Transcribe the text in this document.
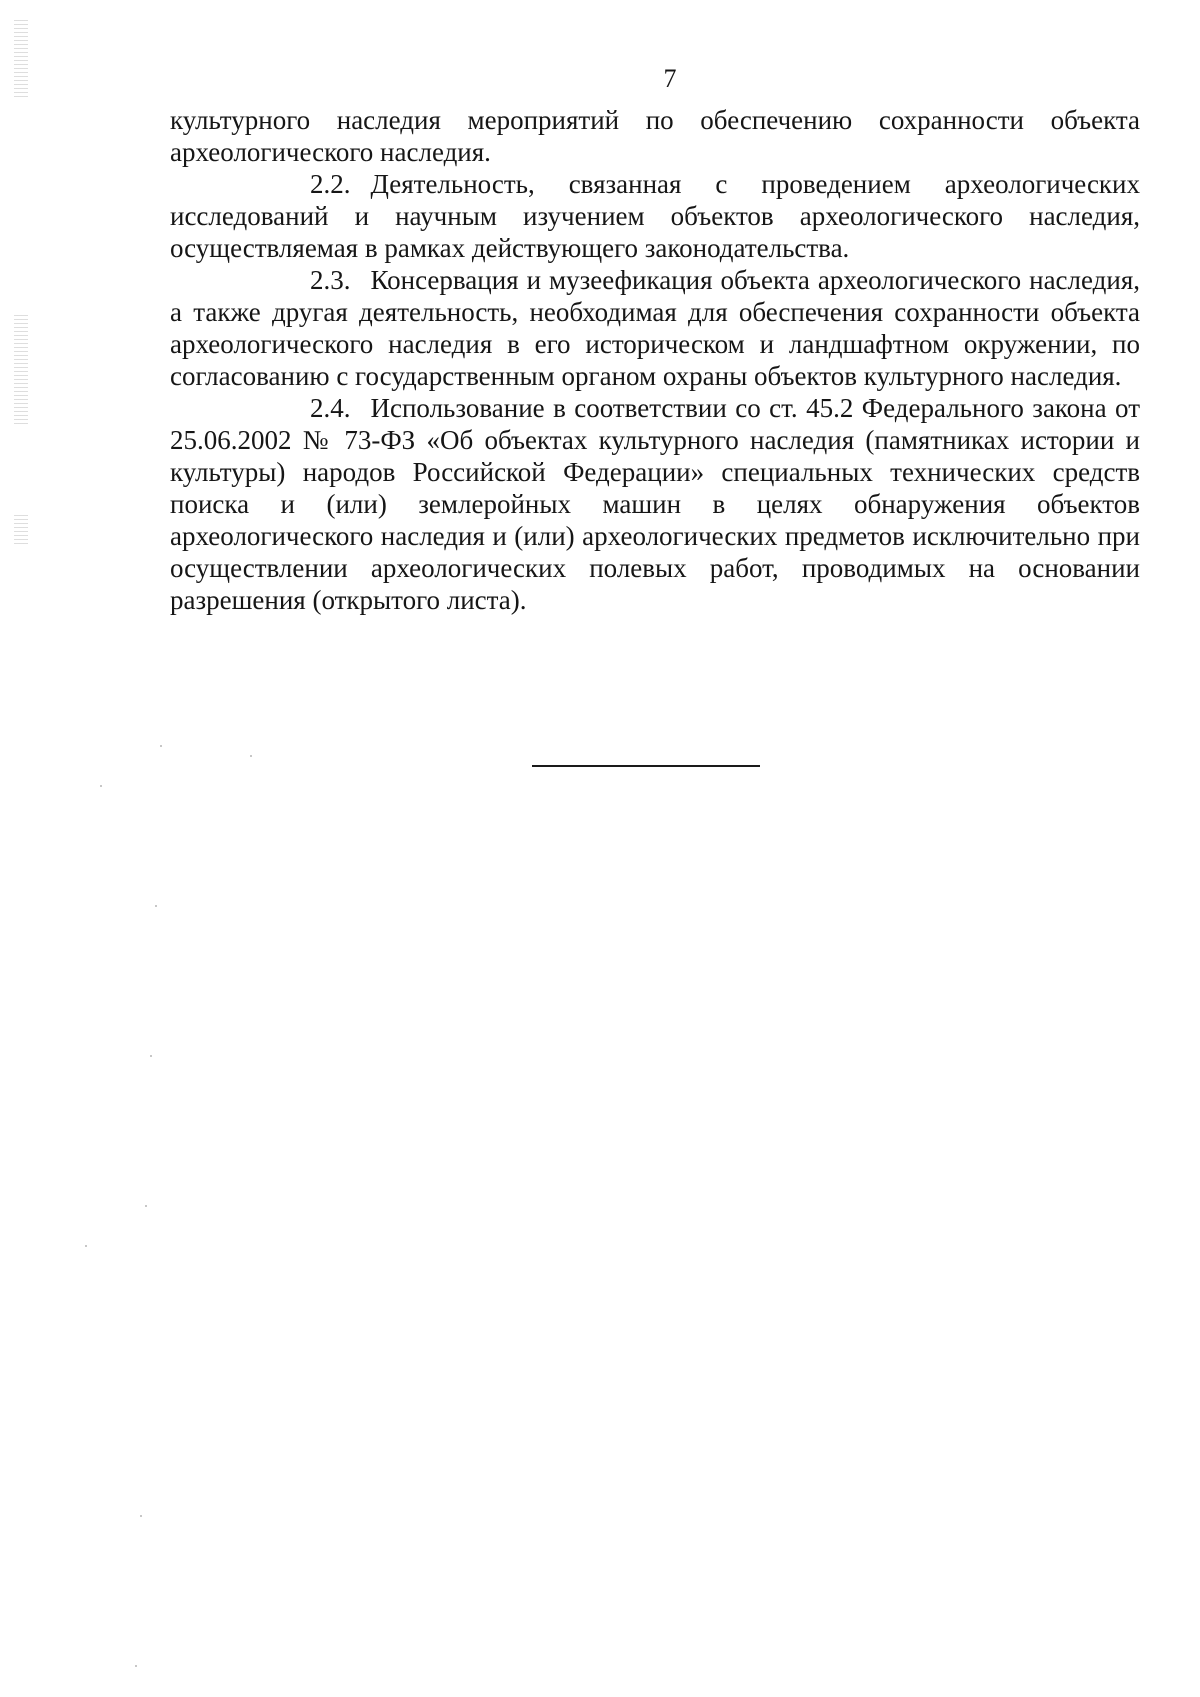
7

культурного наследия мероприятий по обеспечению сохранности объекта археологического наследия.

2.2. Деятельность, связанная с проведением археологических исследований и научным изучением объектов археологического наследия, осуществляемая в рамках действующего законодательства.

2.3. Консервация и музеефикация объекта археологического наследия, а также другая деятельность, необходимая для обеспечения сохранности объекта археологического наследия в его историческом и ландшафтном окружении, по согласованию с государственным органом охраны объектов культурного наследия.

2.4. Использование в соответствии со ст. 45.2 Федерального закона от 25.06.2002 № 73-ФЗ «Об объектах культурного наследия (памятниках истории и культуры) народов Российской Федерации» специальных технических средств поиска и (или) землеройных машин в целях обнаружения объектов археологического наследия и (или) археологических предметов исключительно при осуществлении археологических полевых работ, проводимых на основании разрешения (открытого листа).
